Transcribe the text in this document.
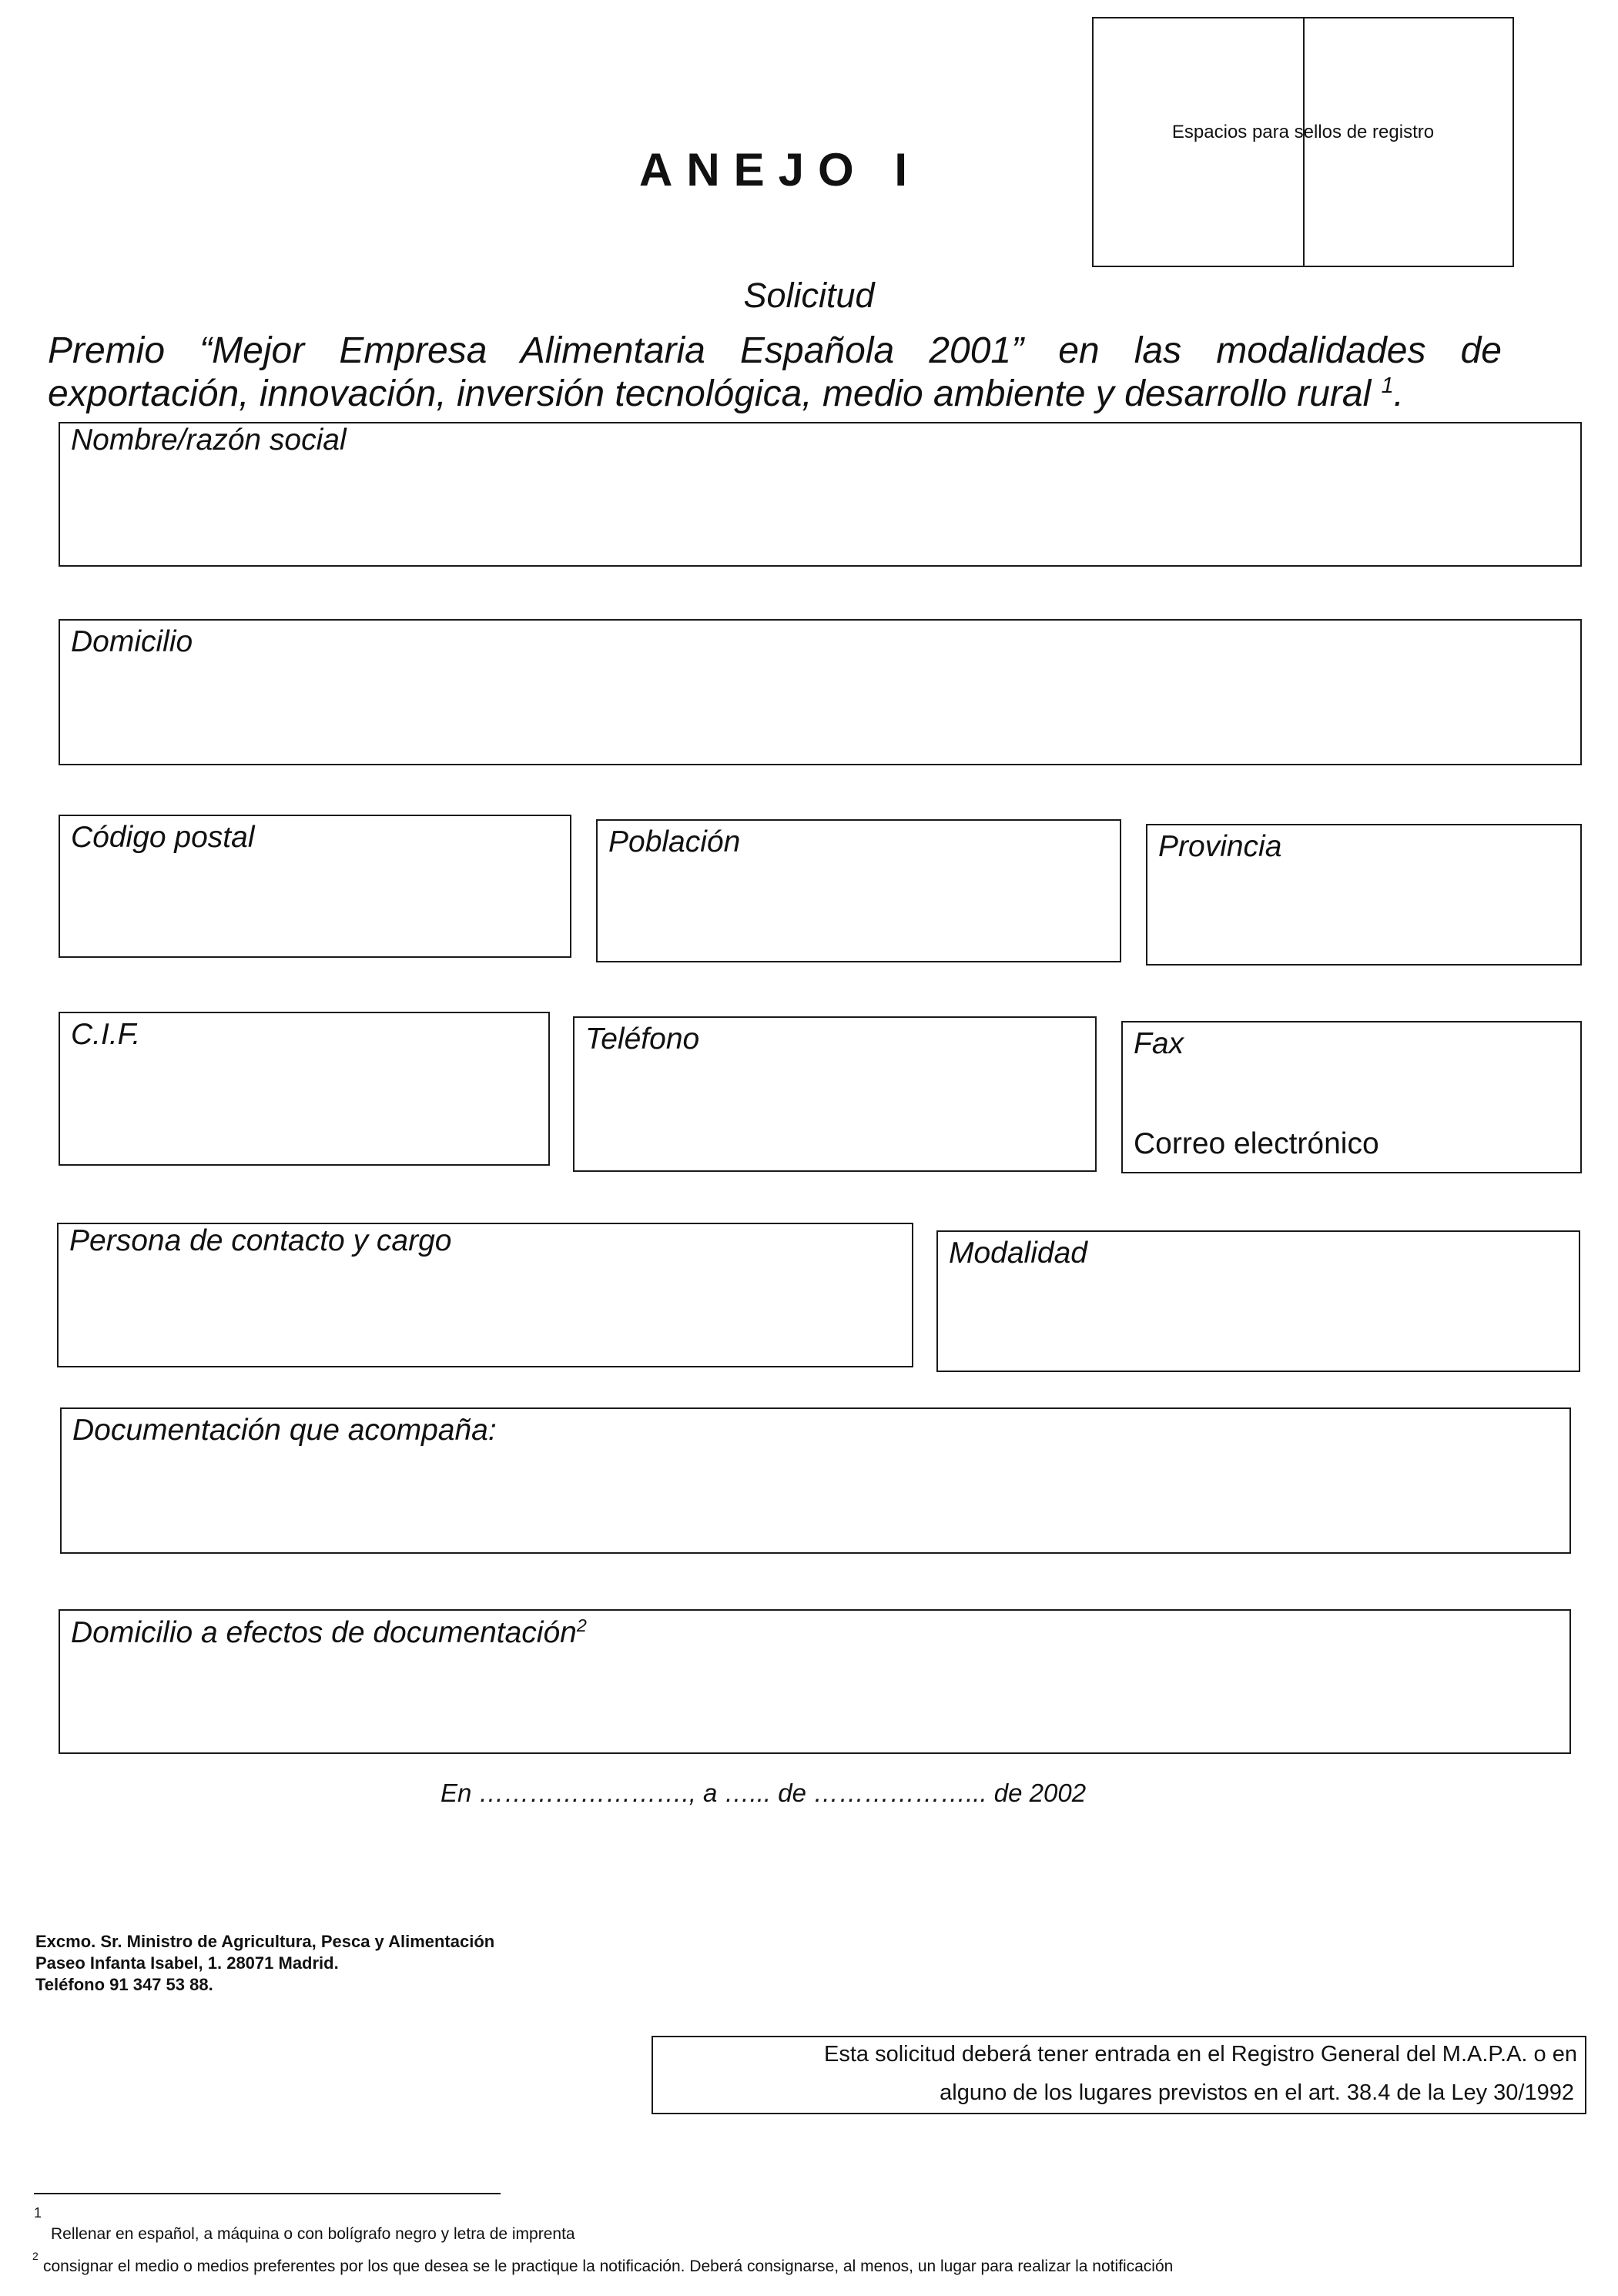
Espacios para sellos de registro
ANEJO I
Solicitud
Premio “Mejor Empresa Alimentaria Española 2001” en las modalidades de
exportación, innovación, inversión tecnológica, medio ambiente y desarrollo rural $^1$.
Nombre/razón social
Domicilio
Código postal	Población	Provincia
C.I.F.	Teléfono	Fax
Correo electrónico
Persona de contacto y cargo	Modalidad
Documentación que acompaña:
Domicilio a efectos de documentación$^2$
En ……………………., a …... de ………………... de 2002
Excmo. Sr. Ministro de Agricultura, Pesca y Alimentación
Paseo Infanta Isabel, 1. 28071 Madrid.
Teléfono 91 347 53 88.
Esta solicitud deberá tener entrada en el Registro General del M.A.P.A. o en
alguno de los lugares previstos en el art. 38.4 de la Ley 30/1992
1
Rellenar en español, a máquina o con bolígrafo negro y letra de imprenta
2
consignar el medio o medios preferentes por los que desea se le practique la notificación. Deberá consignarse, al menos, un lugar para realizar la notificación
